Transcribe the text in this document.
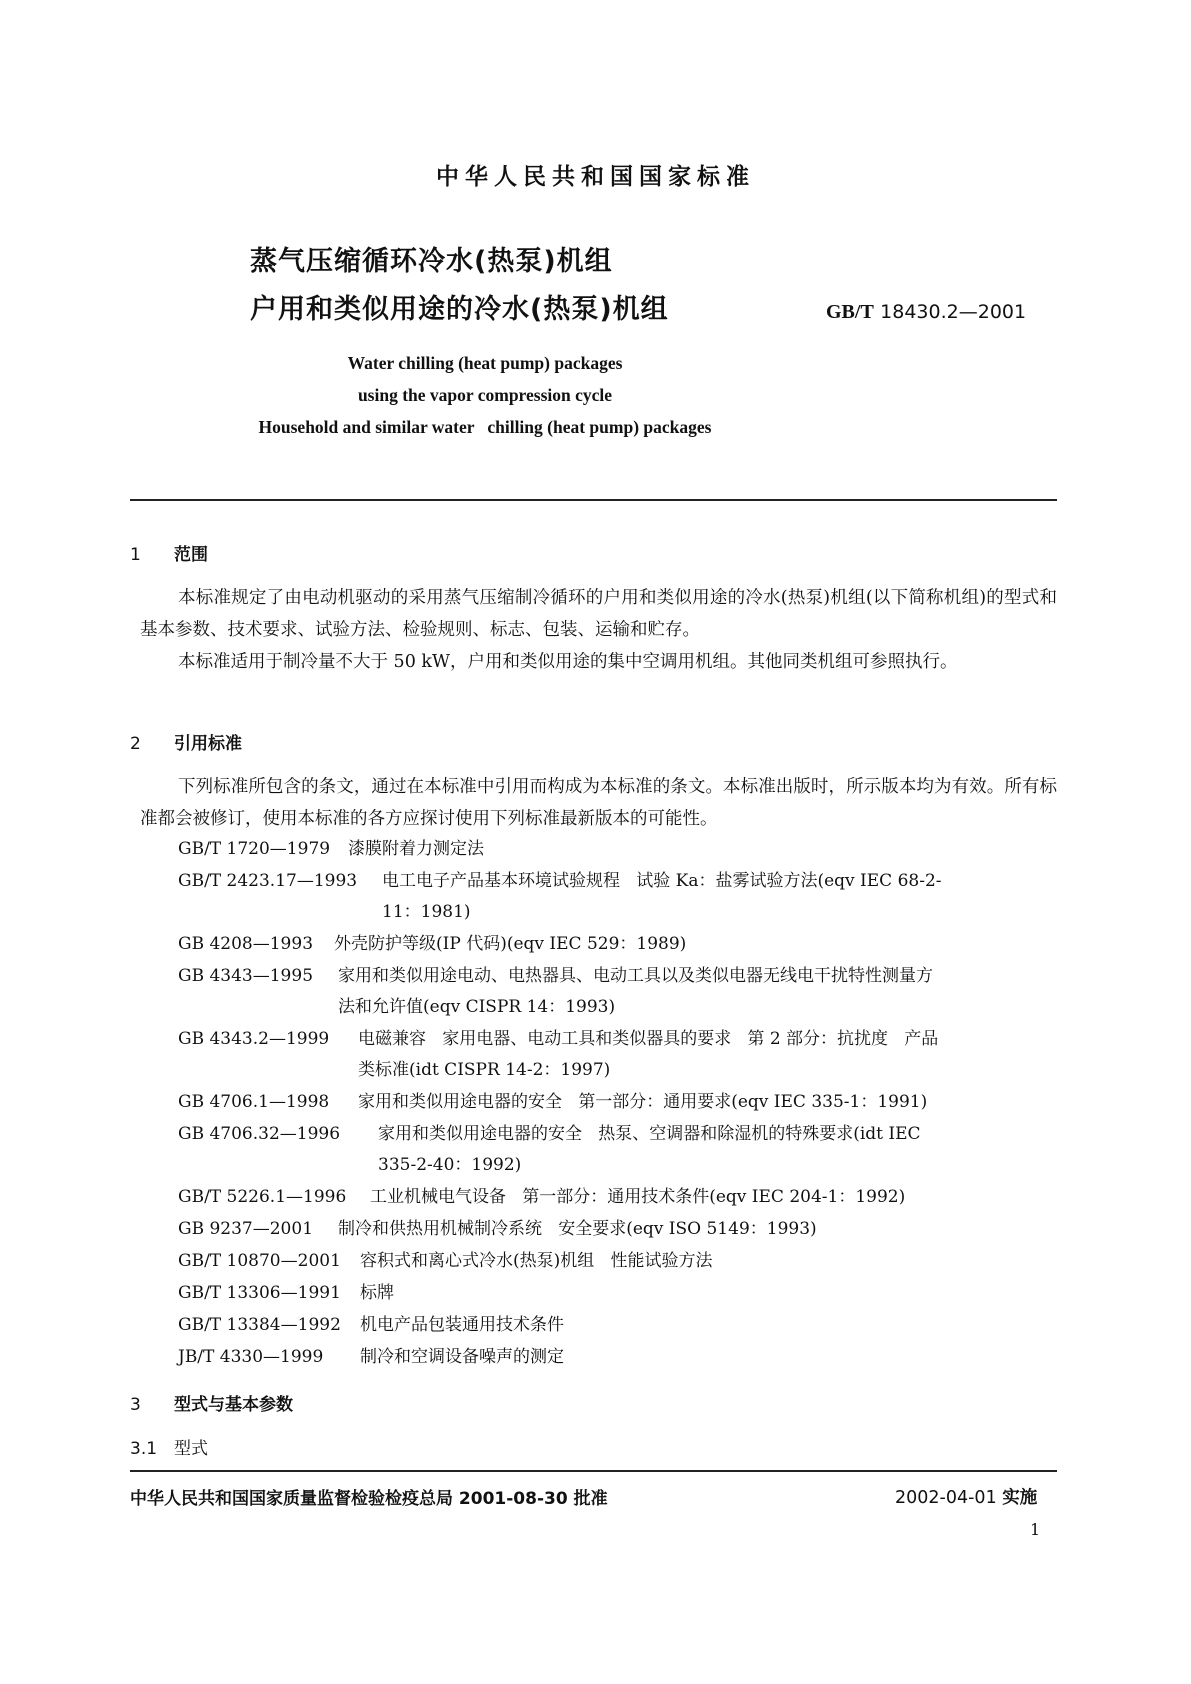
中华人民共和国国家标准
蒸气压缩循环冷水(热泵)机组
户用和类似用途的冷水(热泵)机组	GB/T 18430.2—2001
Water chilling (heat pump) packages
using the vapor compression cycle
Household and similar water   chilling (heat pump) packages
1 范围
本标准规定了由电动机驱动的采用蒸气压缩制冷循环的户用和类似用途的冷水(热泵)机组(以下简称机组)的型式和基本参数、技术要求、试验方法、检验规则、标志、包装、运输和贮存。
本标准适用于制冷量不大于 50 kW，户用和类似用途的集中空调用机组。其他同类机组可参照执行。
2 引用标准
下列标准所包含的条文，通过在本标准中引用而构成为本标准的条文。本标准出版时，所示版本均为有效。所有标准都会被修订，使用本标准的各方应探讨使用下列标准最新版本的可能性。
GB/T 1720—1979 漆膜附着力测定法
GB/T 2423.17—1993 电工电子产品基本环境试验规程   试验 Ka：盐雾试验方法(eqv IEC 68-2-
11：1981)
GB 4208—1993 外壳防护等级(IP 代码)(eqv IEC 529：1989)
GB 4343—1995 家用和类似用途电动、电热器具、电动工具以及类似电器无线电干扰特性测量方
法和允许值(eqv CISPR 14：1993)
GB 4343.2—1999 电磁兼容   家用电器、电动工具和类似器具的要求   第 2 部分：抗扰度   产品
类标准(idt CISPR 14-2：1997)
GB 4706.1—1998 家用和类似用途电器的安全   第一部分：通用要求(eqv IEC 335-1：1991)
GB 4706.32—1996 家用和类似用途电器的安全   热泵、空调器和除湿机的特殊要求(idt IEC
335-2-40：1992)
GB/T 5226.1—1996 工业机械电气设备   第一部分：通用技术条件(eqv IEC 204-1：1992)
GB 9237—2001 制冷和供热用机械制冷系统   安全要求(eqv ISO 5149：1993)
GB/T 10870—2001 容积式和离心式冷水(热泵)机组   性能试验方法
GB/T 13306—1991 标牌
GB/T 13384—1992 机电产品包装通用技术条件
JB/T 4330—1999 制冷和空调设备噪声的测定
3 型式与基本参数
3.1 型式
中华人民共和国国家质量监督检验检疫总局 2001-08-30 批准	2002-04-01 实施
1
